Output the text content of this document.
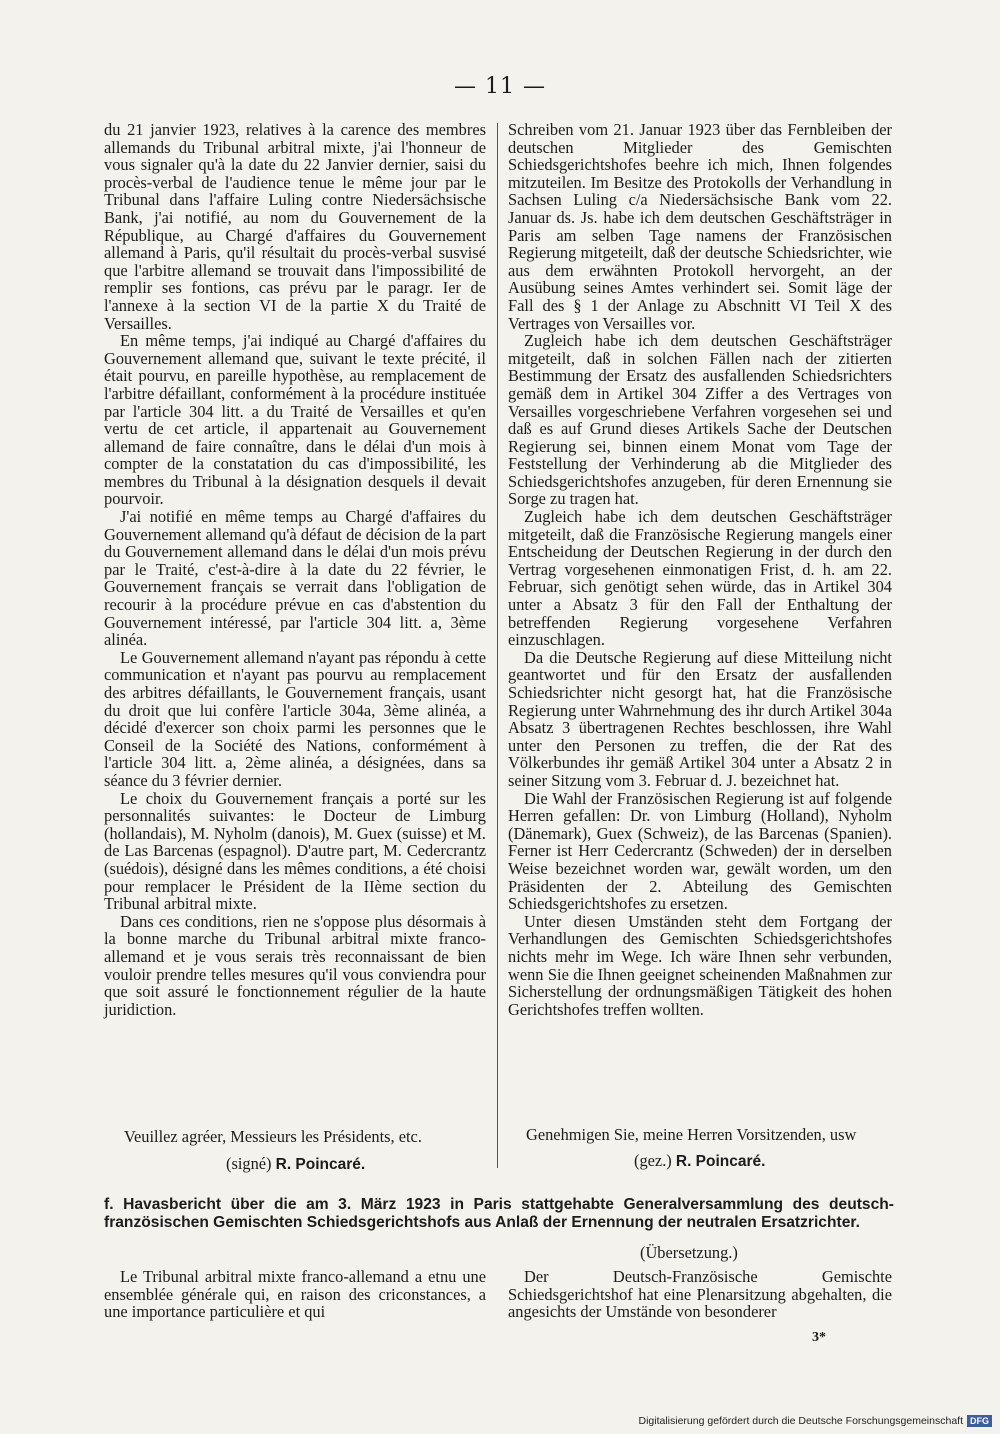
— 11 —

du 21 janvier 1923, relatives à la carence des membres allemands du Tribunal arbitral mixte, j'ai l'honneur de vous signaler qu'à la date du 22 Janvier dernier, saisi du procès-verbal de l'audience tenue le même jour par le Tribunal dans l'affaire Luling contre Niedersächsische Bank, j'ai notifié, au nom du Gouvernement de la République, au Chargé d'affaires du Gouvernement allemand à Paris, qu'il résultait du procès-verbal susvisé que l'arbitre allemand se trouvait dans l'impossibilité de remplir ses fontions, cas prévu par le paragr. Ier de l'annexe à la section VI de la partie X du Traité de Versailles.

En même temps, j'ai indiqué au Chargé d'affaires du Gouvernement allemand que, suivant le texte précité, il était pourvu, en pareille hypothèse, au remplacement de l'arbitre défaillant, conformément à la procédure instituée par l'article 304 litt. a du Traité de Versailles et qu'en vertu de cet article, il appartenait au Gouvernement allemand de faire connaître, dans le délai d'un mois à compter de la constatation du cas d'impossibilité, les membres du Tribunal à la désignation desquels il devait pourvoir.

J'ai notifié en même temps au Chargé d'affaires du Gouvernement allemand qu'à défaut de décision de la part du Gouvernement allemand dans le délai d'un mois prévu par le Traité, c'est-à-dire à la date du 22 février, le Gouvernement français se verrait dans l'obligation de recourir à la procédure prévue en cas d'abstention du Gouvernement intéressé, par l'article 304 litt. a, 3ème alinéa.

Le Gouvernement allemand n'ayant pas répondu à cette communication et n'ayant pas pourvu au remplacement des arbitres défaillants, le Gouvernement français, usant du droit que lui confère l'article 304a, 3ème alinéa, a décidé d'exercer son choix parmi les personnes que le Conseil de la Société des Nations, conformément à l'article 304 litt. a, 2ème alinéa, a désignées, dans sa séance du 3 février dernier.

Le choix du Gouvernement français a porté sur les personnalités suivantes: le Docteur de Limburg (hollandais), M. Nyholm (danois), M. Guex (suisse) et M. de Las Barcenas (espagnol). D'autre part, M. Cedercrantz (suédois), désigné dans les mêmes conditions, a été choisi pour remplacer le Président de la IIème section du Tribunal arbitral mixte.

Dans ces conditions, rien ne s'oppose plus désormais à la bonne marche du Tribunal arbitral mixte franco-allemand et je vous serais très reconnaissant de bien vouloir prendre telles mesures qu'il vous conviendra pour que soit assuré le fonctionnement régulier de la haute juridiction.

Schreiben vom 21. Januar 1923 über das Fernbleiben der deutschen Mitglieder des Gemischten Schiedsgerichtshofes beehre ich mich, Ihnen folgendes mitzuteilen. Im Besitze des Protokolls der Verhandlung in Sachsen Luling c/a Niedersächsische Bank vom 22. Januar ds. Js. habe ich dem deutschen Geschäftsträger in Paris am selben Tage namens der Französischen Regierung mitgeteilt, daß der deutsche Schiedsrichter, wie aus dem erwähnten Protokoll hervorgeht, an der Ausübung seines Amtes verhindert sei. Somit läge der Fall des § 1 der Anlage zu Abschnitt VI Teil X des Vertrages von Versailles vor.

Zugleich habe ich dem deutschen Geschäftsträger mitgeteilt, daß in solchen Fällen nach der zitierten Bestimmung der Ersatz des ausfallenden Schiedsrichters gemäß dem in Artikel 304 Ziffer a des Vertrages von Versailles vorgeschriebene Verfahren vorgesehen sei und daß es auf Grund dieses Artikels Sache der Deutschen Regierung sei, binnen einem Monat vom Tage der Feststellung der Verhinderung ab die Mitglieder des Schiedsgerichtshofes anzugeben, für deren Ernennung sie Sorge zu tragen hat.

Zugleich habe ich dem deutschen Geschäftsträger mitgeteilt, daß die Französische Regierung mangels einer Entscheidung der Deutschen Regierung in der durch den Vertrag vorgesehenen einmonatigen Frist, d. h. am 22. Februar, sich genötigt sehen würde, das in Artikel 304 unter a Absatz 3 für den Fall der Enthaltung der betreffenden Regierung vorgesehene Verfahren einzuschlagen.

Da die Deutsche Regierung auf diese Mitteilung nicht geantwortet und für den Ersatz der ausfallenden Schiedsrichter nicht gesorgt hat, hat die Französische Regierung unter Wahrnehmung des ihr durch Artikel 304a Absatz 3 übertragenen Rechtes beschlossen, ihre Wahl unter den Personen zu treffen, die der Rat des Völkerbundes ihr gemäß Artikel 304 unter a Absatz 2 in seiner Sitzung vom 3. Februar d. J. bezeichnet hat.

Die Wahl der Französischen Regierung ist auf folgende Herren gefallen: Dr. von Limburg (Holland), Nyholm (Dänemark), Guex (Schweiz), de las Barcenas (Spanien). Ferner ist Herr Cedercrantz (Schweden) der in derselben Weise bezeichnet worden war, gewält worden, um den Präsidenten der 2. Abteilung des Gemischten Schiedsgerichtshofes zu ersetzen.

Unter diesen Umständen steht dem Fortgang der Verhandlungen des Gemischten Schiedsgerichtshofes nichts mehr im Wege. Ich wäre Ihnen sehr verbunden, wenn Sie die Ihnen geeignet scheinenden Maßnahmen zur Sicherstellung der ordnungsmäßigen Tätigkeit des hohen Gerichtshofes treffen wollten.

Veuillez agréer, Messieurs les Présidents, etc.	Genehmigen Sie, meine Herren Vorsitzenden, usw
(signé) R. Poincaré.	(gez.) R. Poincaré.
f. Havasbericht über die am 3. März 1923 in Paris stattgehabte Generalversammlung des deutsch-französischen Gemischten Schiedsgerichtshofs aus Anlaß der Ernennung der neutralen Ersatzrichter.
(Übersetzung.)

Le Tribunal arbitral mixte franco-allemand a etnu une ensemblée générale qui, en raison des criconstances, a une importance particulière et qui

Der Deutsch-Französische Gemischte Schiedsgerichtshof hat eine Plenarsitzung abgehalten, die angesichts der Umstände von besonderer

3*
Digitalisierung gefördert durch die Deutsche Forschungsgemeinschaft DFG
